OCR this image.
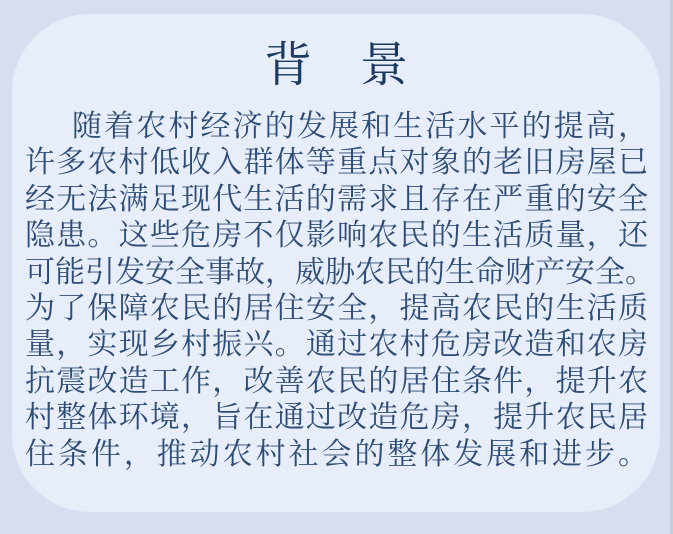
背　景
随着农村经济的发展和生活水平的提高，
许多农村低收入群体等重点对象的老旧房屋已
经无法满足现代生活的需求且存在严重的安全
隐患。这些危房不仅影响农民的生活质量，还
可能引发安全事故，威胁农民的生命财产安全。
为了保障农民的居住安全，提高农民的生活质
量，实现乡村振兴。通过农村危房改造和农房
抗震改造工作，改善农民的居住条件，提升农
村整体环境，旨在通过改造危房，提升农民居
住条件，推动农村社会的整体发展和进步。
